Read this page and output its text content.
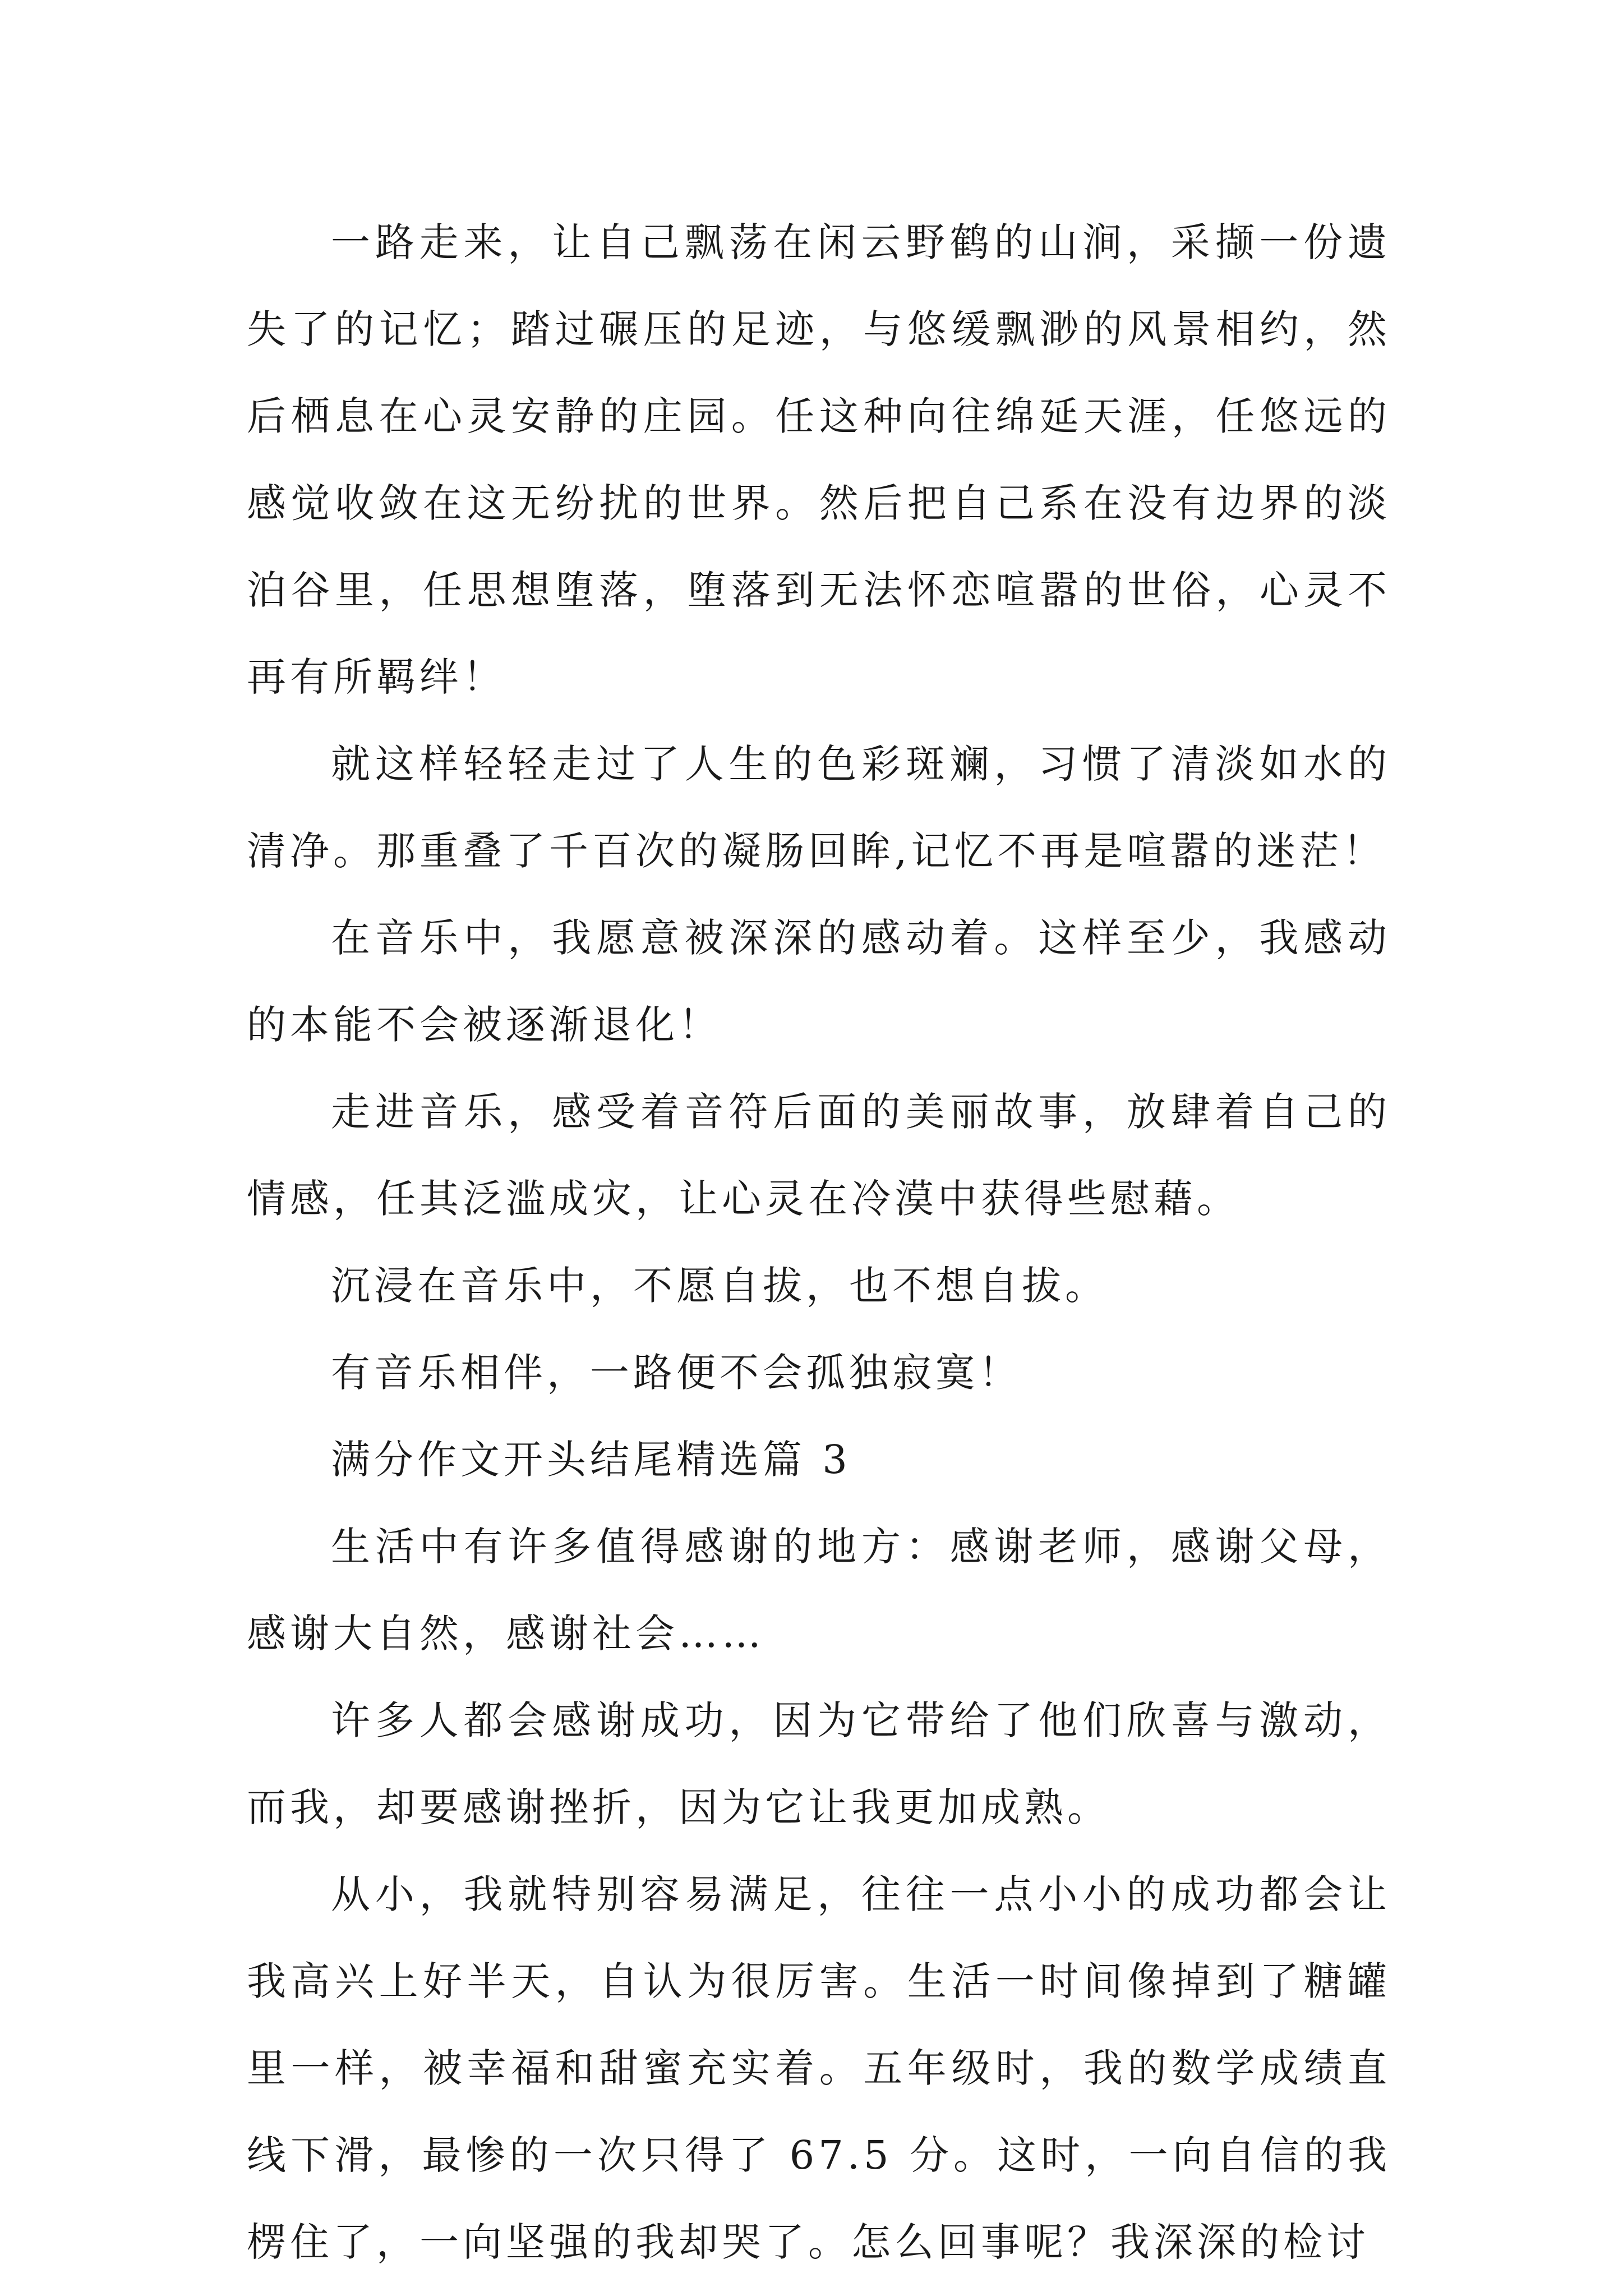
一路走来，让自己飘荡在闲云野鹤的山涧，采撷一份遗失了的记忆；踏过碾压的足迹，与悠缓飘渺的风景相约，然后栖息在心灵安静的庄园。任这种向往绵延天涯，任悠远的感觉收敛在这无纷扰的世界。然后把自己系在没有边界的淡泊谷里，任思想堕落，堕落到无法怀恋喧嚣的世俗，心灵不再有所羁绊！

就这样轻轻走过了人生的色彩斑斓，习惯了清淡如水的清净。那重叠了千百次的凝肠回眸,记忆不再是喧嚣的迷茫！

在音乐中，我愿意被深深的感动着。这样至少，我感动的本能不会被逐渐退化！

走进音乐，感受着音符后面的美丽故事，放肆着自己的情感，任其泛滥成灾，让心灵在冷漠中获得些慰藉。

沉浸在音乐中，不愿自拔，也不想自拔。

有音乐相伴，一路便不会孤独寂寞！

满分作文开头结尾精选篇 3

生活中有许多值得感谢的地方：感谢老师，感谢父母，感谢大自然，感谢社会……

许多人都会感谢成功，因为它带给了他们欣喜与激动，而我，却要感谢挫折，因为它让我更加成熟。

从小，我就特别容易满足，往往一点小小的成功都会让我高兴上好半天，自认为很厉害。生活一时间像掉到了糖罐里一样，被幸福和甜蜜充实着。五年级时，我的数学成绩直线下滑，最惨的一次只得了 67.5 分。这时，一向自信的我楞住了，一向坚强的我却哭了。怎么回事呢？我深深的检讨
